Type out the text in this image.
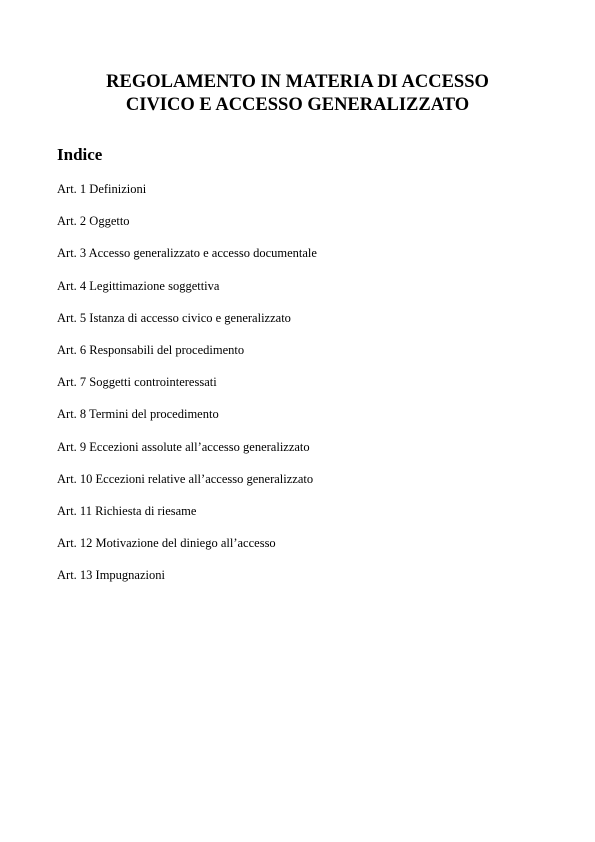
REGOLAMENTO IN MATERIA DI ACCESSO
CIVICO E ACCESSO GENERALIZZATO
Indice
Art. 1 Definizioni
Art. 2 Oggetto
Art. 3 Accesso generalizzato e accesso documentale
Art. 4 Legittimazione soggettiva
Art. 5 Istanza di accesso civico e generalizzato
Art. 6 Responsabili del procedimento
Art. 7 Soggetti controinteressati
Art. 8 Termini del procedimento
Art. 9 Eccezioni assolute all’accesso generalizzato
Art. 10 Eccezioni relative all’accesso generalizzato
Art. 11 Richiesta di riesame
Art. 12 Motivazione del diniego all’accesso
Art. 13 Impugnazioni
